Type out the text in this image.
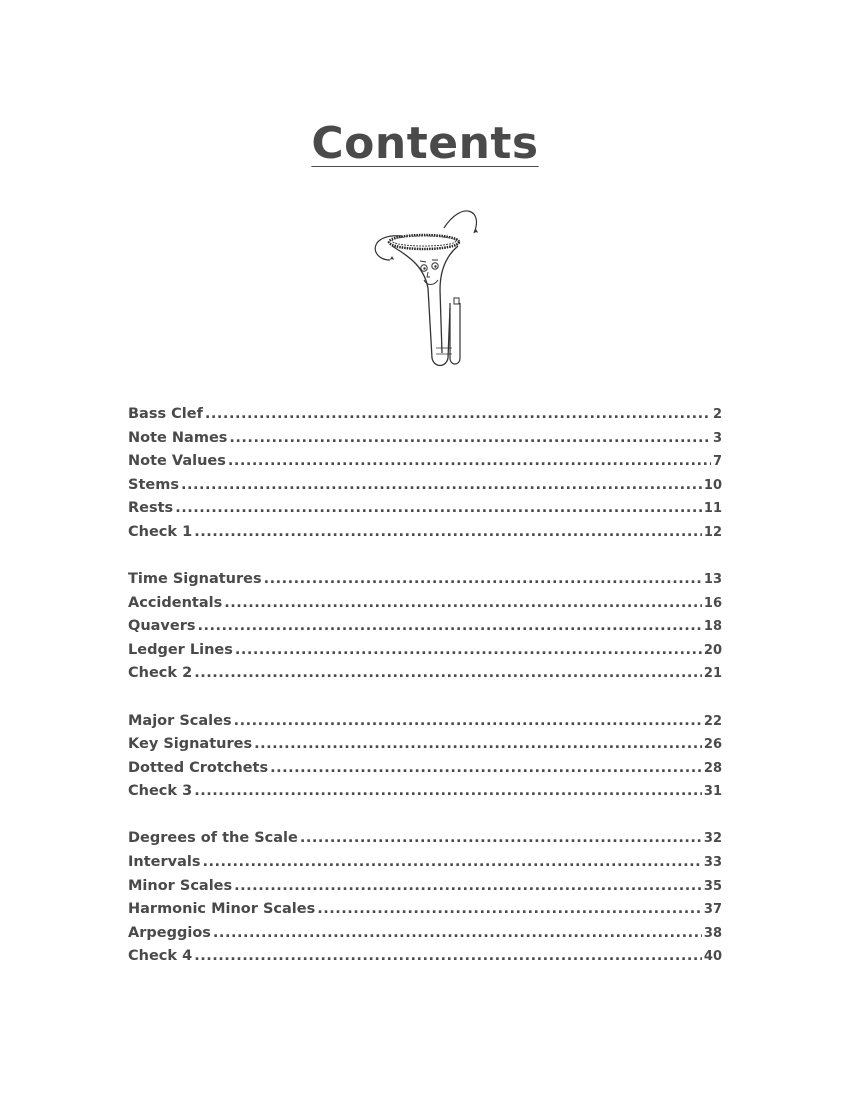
Contents
Bass Clef .....	2
Note Names .....	3
Note Values .....	7
Stems .....	10
Rests .....	11
Check 1 .....	12
Time Signatures .....	13
Accidentals .....	16
Quavers .....	18
Ledger Lines .....	20
Check 2 .....	21
Major Scales .....	22
Key Signatures .....	26
Dotted Crotchets .....	28
Check 3 .....	31
Degrees of the Scale .....	32
Intervals .....	33
Minor Scales .....	35
Harmonic Minor Scales .....	37
Arpeggios .....	38
Check 4 .....	40
